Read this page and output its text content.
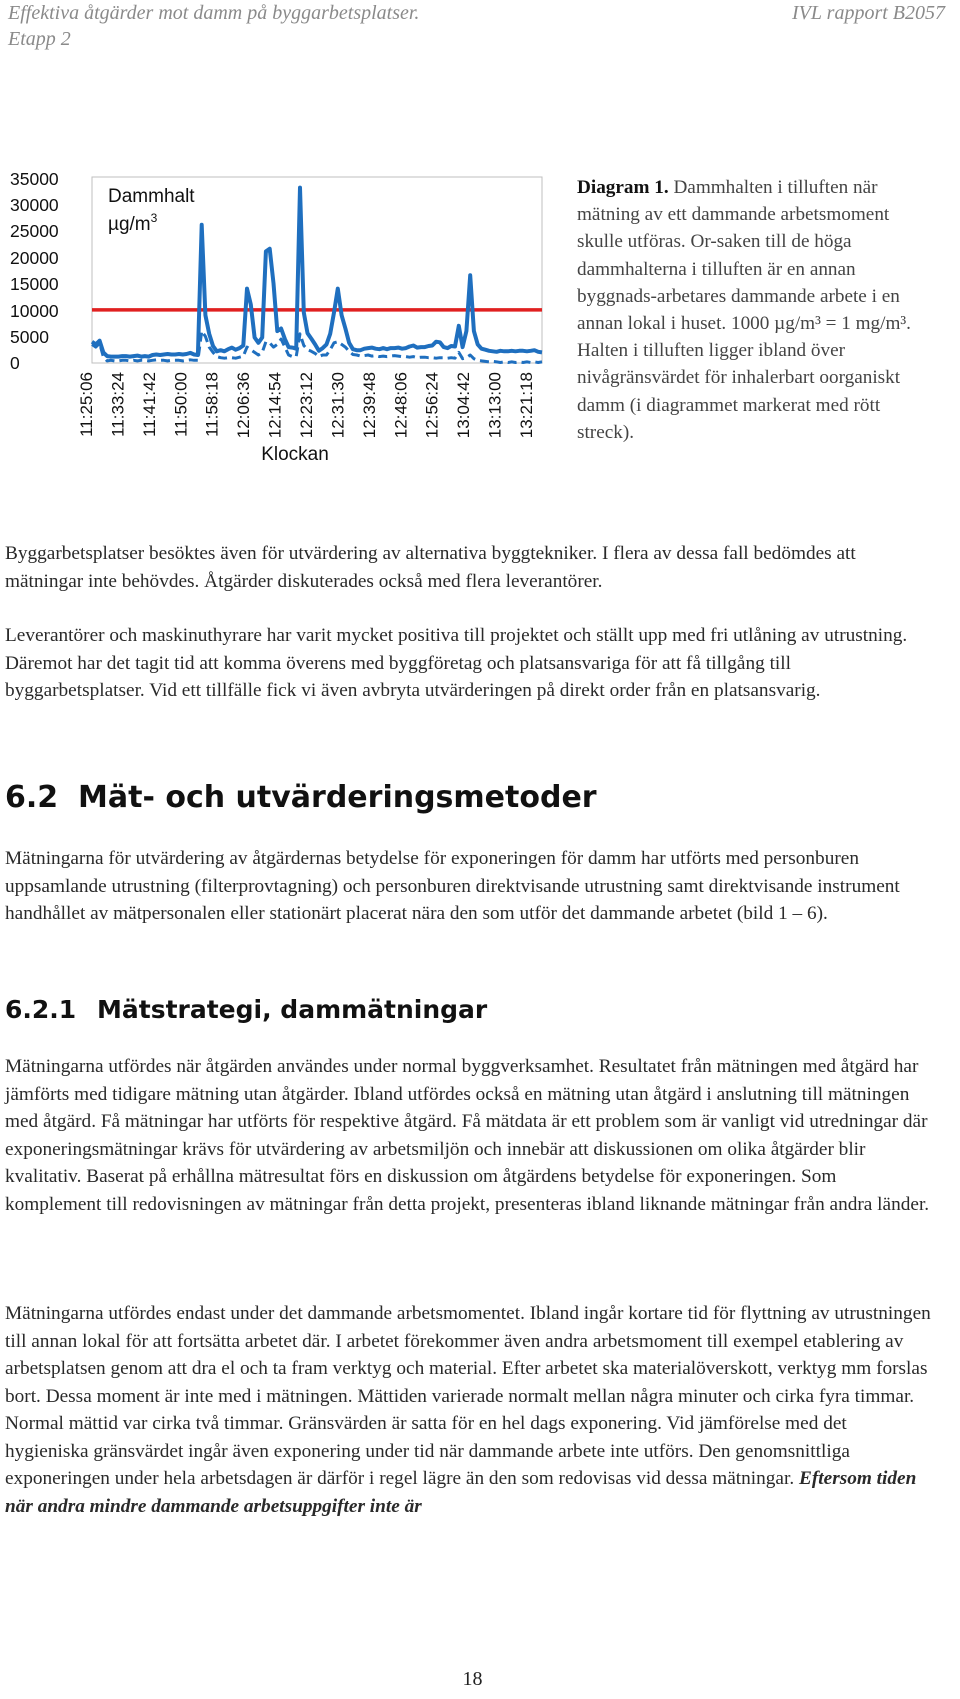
Effektiva åtgärder mot damm på byggarbetsplatser.
Etapp 2
IVL rapport B2057
35000
30000
25000
20000
15000
10000
5000
0
Dammhalt
$\mu g/m^3$
11:25:06 11:33:24 11:41:42 11:50:00 11:58:18 12:06:36 12:14:54 12:23:12 12:31:30 12:39:48 12:48:06 12:56:24 13:04:42 13:13:00 13:21:18
Klockan

Diagram 1. Dammhalten i tilluften när mätning av ett dammande arbetsmoment skulle utföras. Or-saken till de höga dammhalterna i tilluften är en annan byggnads-arbetares dammande arbete i en annan lokal i huset. 1000 µg/m³ = 1 mg/m³. Halten i tilluften ligger ibland över nivågränsvärdet för inhalerbart oorganiskt damm (i diagrammet markerat med rött streck).

Byggarbetsplatser besöktes även för utvärdering av alternativa byggtekniker. I flera av dessa fall bedömdes att mätningar inte behövdes. Åtgärder diskuterades också med flera leverantörer.

Leverantörer och maskinuthyrare har varit mycket positiva till projektet och ställt upp med fri utlåning av utrustning. Däremot har det tagit tid att komma överens med byggföretag och platsansvariga för att få tillgång till byggarbetsplatser. Vid ett tillfälle fick vi även avbryta utvärderingen på direkt order från en platsansvarig.

6.2 Mät- och utvärderingsmetoder

Mätningarna för utvärdering av åtgärdernas betydelse för exponeringen för damm har utförts med personburen uppsamlande utrustning (filterprovtagning) och personburen direktvisande utrustning samt direktvisande instrument handhållet av mätpersonalen eller stationärt placerat nära den som utför det dammande arbetet (bild 1 – 6).

6.2.1 Mätstrategi, dammätningar

Mätningarna utfördes när åtgärden användes under normal byggverksamhet. Resultatet från mätningen med åtgärd har jämförts med tidigare mätning utan åtgärder. Ibland utfördes också en mätning utan åtgärd i anslutning till mätningen med åtgärd. Få mätningar har utförts för respektive åtgärd. Få mätdata är ett problem som är vanligt vid utredningar där exponeringsmätningar krävs för utvärdering av arbetsmiljön och innebär att diskussionen om olika åtgärder blir kvalitativ. Baserat på erhållna mätresultat förs en diskussion om åtgärdens betydelse för exponeringen. Som komplement till redovisningen av mätningar från detta projekt, presenteras ibland liknande mätningar från andra länder.

Mätningarna utfördes endast under det dammande arbetsmomentet. Ibland ingår kortare tid för flyttning av utrustningen till annan lokal för att fortsätta arbetet där. I arbetet förekommer även andra arbetsmoment till exempel etablering av arbetsplatsen genom att dra el och ta fram verktyg och material. Efter arbetet ska materialöverskott, verktyg mm forslas bort. Dessa moment är inte med i mätningen. Mättiden varierade normalt mellan några minuter och cirka fyra timmar. Normal mättid var cirka två timmar. Gränsvärden är satta för en hel dags exponering. Vid jämförelse med det hygieniska gränsvärdet ingår även exponering under tid när dammande arbete inte utförs. Den genomsnittliga exponeringen under hela arbetsdagen är därför i regel lägre än den som redovisas vid dessa mätningar. Eftersom tiden när andra mindre dammande arbetsuppgifter inte är

18
